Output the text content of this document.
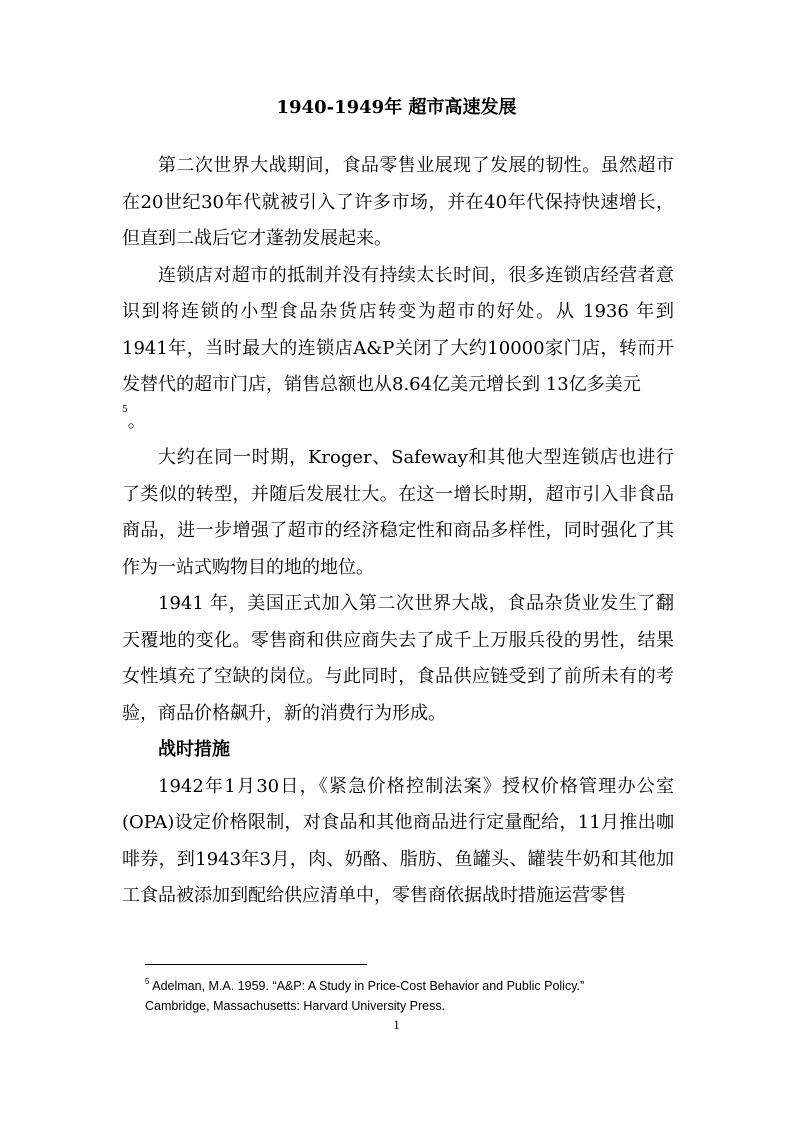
1940-1949年 超市高速发展

第二次世界大战期间，食品零售业展现了发展的韧性。虽然超市在20世纪30年代就被引入了许多市场，并在40年代保持快速增长，但直到二战后它才蓬勃发展起来。

连锁店对超市的抵制并没有持续太长时间，很多连锁店经营者意识到将连锁的小型食品杂货店转变为超市的好处。从 1936 年到1941年，当时最大的连锁店A&P关闭了大约10000家门店，转而开发替代的超市门店，销售总额也从8.64亿美元增长到 13亿多美元
$^5$。

大约在同一时期，Kroger、Safeway和其他大型连锁店也进行了类似的转型，并随后发展壮大。在这一增长时期，超市引入非食品商品，进一步增强了超市的经济稳定性和商品多样性，同时强化了其作为一站式购物目的地的地位。

1941 年，美国正式加入第二次世界大战，食品杂货业发生了翻天覆地的变化。零售商和供应商失去了成千上万服兵役的男性，结果女性填充了空缺的岗位。与此同时，食品供应链受到了前所未有的考验，商品价格飙升，新的消费行为形成。

战时措施

1942年1月30日，《紧急价格控制法案》授权价格管理办公室(OPA)设定价格限制，对食品和其他商品进行定量配给，11月推出咖啡券，到1943年3月，肉、奶酪、脂肪、鱼罐头、罐装牛奶和其他加工食品被添加到配给供应清单中，零售商依据战时措施运营零售

$^5$ Adelman, M.A. 1959. “A&P: A Study in Price-Cost Behavior and Public Policy.”

Cambridge, Massachusetts: Harvard University Press.

1
